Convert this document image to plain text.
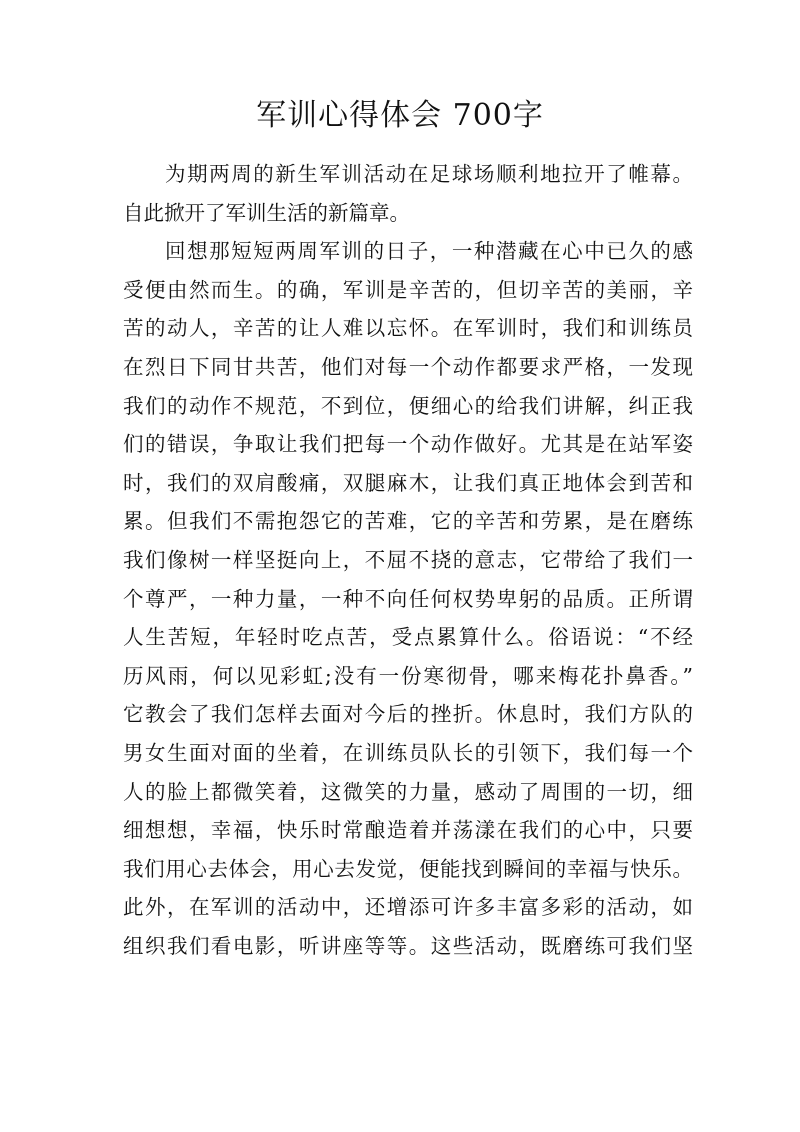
军训心得体会 700字
为期两周的新生军训活动在足球场顺利地拉开了帷幕。
自此掀开了军训生活的新篇章。
回想那短短两周军训的日子，一种潜藏在心中已久的感
受便由然而生。的确，军训是辛苦的，但切辛苦的美丽，辛
苦的动人，辛苦的让人难以忘怀。在军训时，我们和训练员
在烈日下同甘共苦，他们对每一个动作都要求严格，一发现
我们的动作不规范，不到位，便细心的给我们讲解，纠正我
们的错误，争取让我们把每一个动作做好。尤其是在站军姿
时，我们的双肩酸痛，双腿麻木，让我们真正地体会到苦和
累。但我们不需抱怨它的苦难，它的辛苦和劳累，是在磨练
我们像树一样坚挺向上，不屈不挠的意志，它带给了我们一
个尊严，一种力量，一种不向任何权势卑躬的品质。正所谓
人生苦短，年轻时吃点苦，受点累算什么。俗语说：“不经
历风雨，何以见彩虹;没有一份寒彻骨，哪来梅花扑鼻香。”
它教会了我们怎样去面对今后的挫折。休息时，我们方队的
男女生面对面的坐着，在训练员队长的引领下，我们每一个
人的脸上都微笑着，这微笑的力量，感动了周围的一切，细
细想想，幸福，快乐时常酿造着并荡漾在我们的心中，只要
我们用心去体会，用心去发觉，便能找到瞬间的幸福与快乐。
此外，在军训的活动中，还增添可许多丰富多彩的活动，如
组织我们看电影，听讲座等等。这些活动，既磨练可我们坚
